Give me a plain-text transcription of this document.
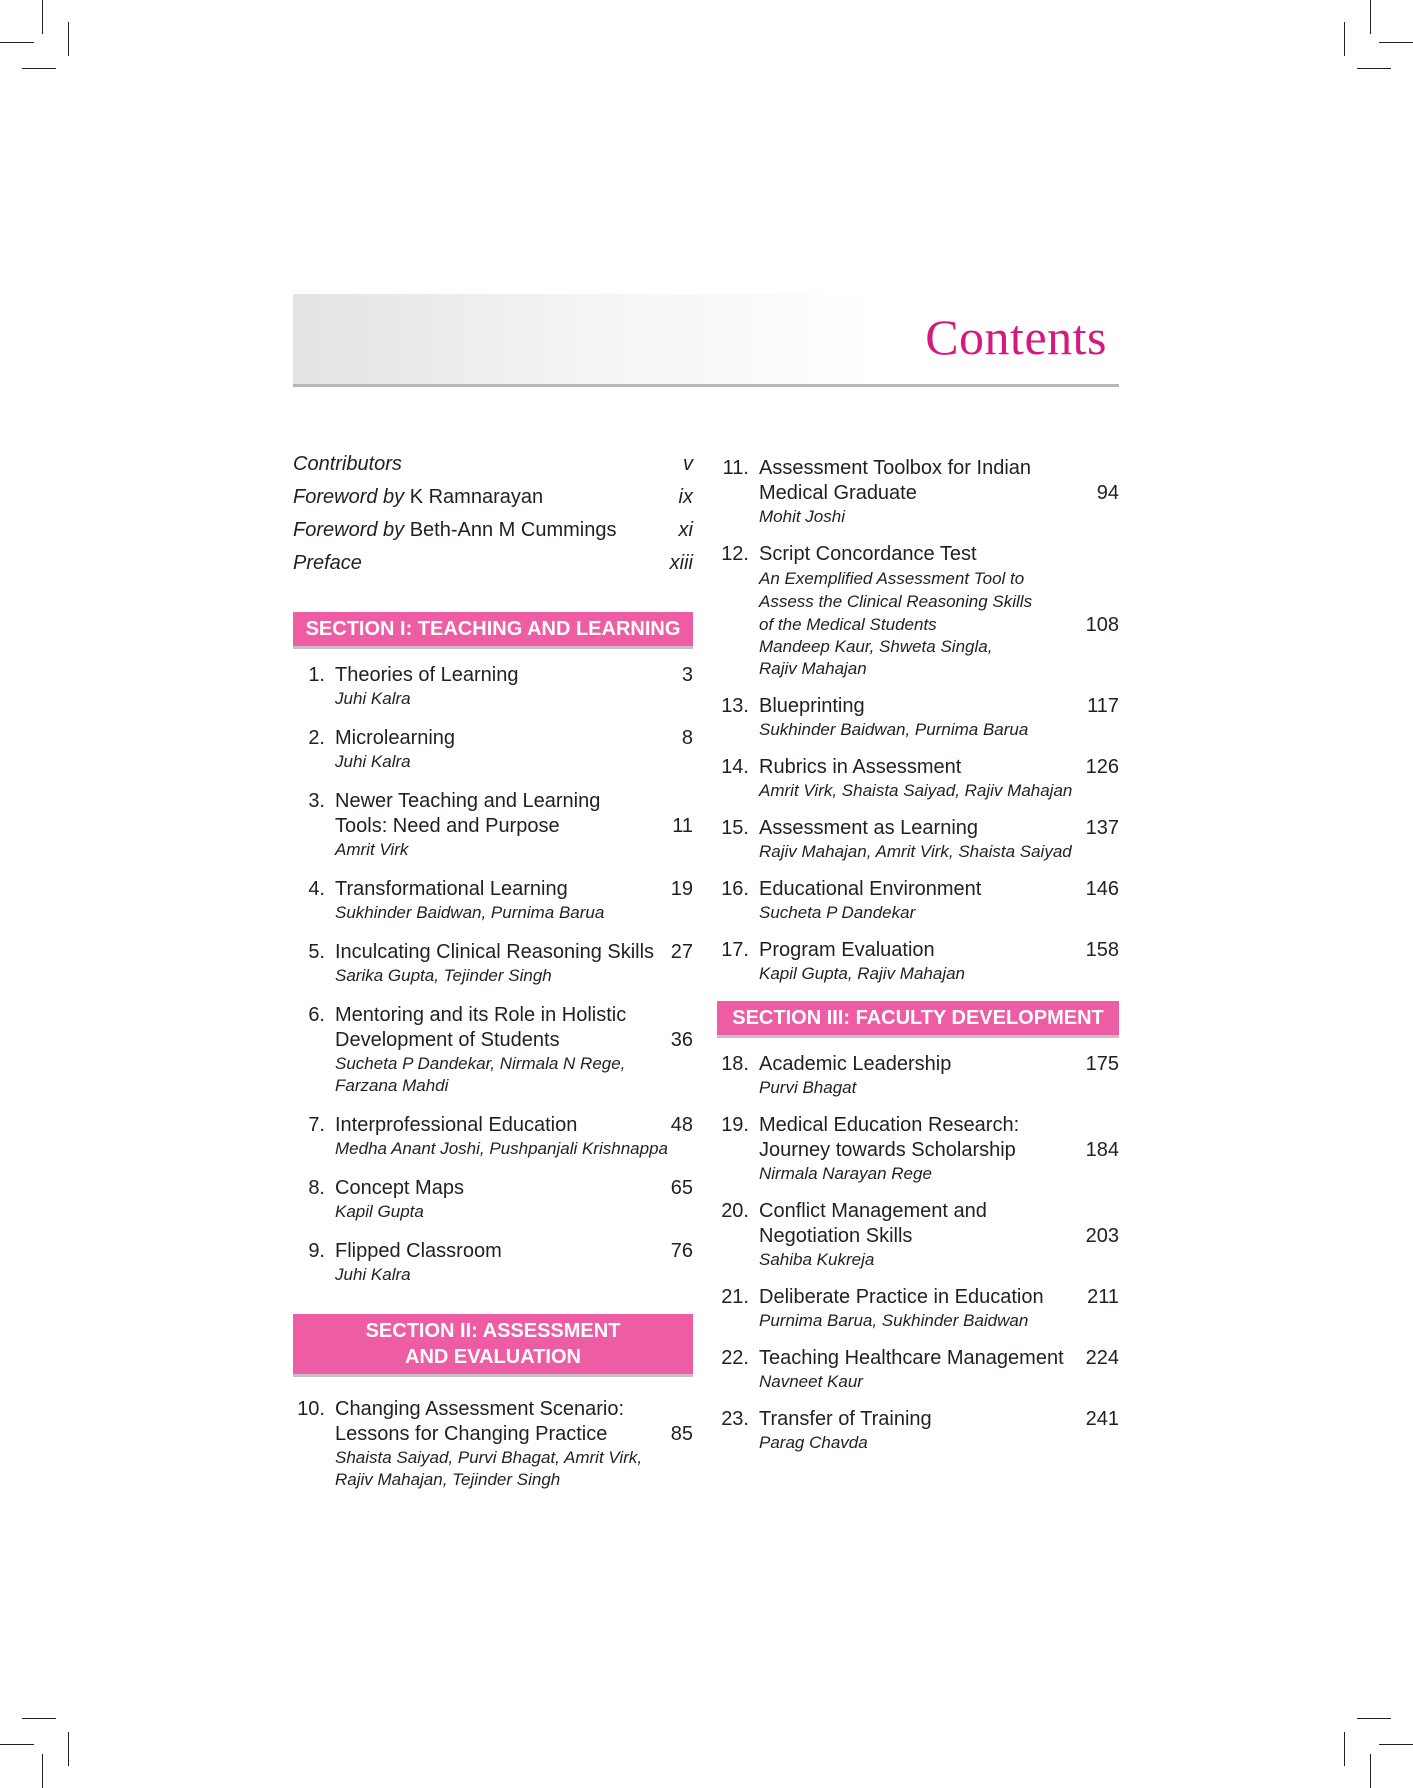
Contents
Contributors	v
Foreword by K Ramnarayan	ix
Foreword by Beth-Ann M Cummings	xi
Preface	xiii
SECTION I: TEACHING AND LEARNING
1. Theories of Learning	3
Juhi Kalra
2. Microlearning	8
Juhi Kalra
3. Newer Teaching and Learning Tools: Need and Purpose	11
Amrit Virk
4. Transformational Learning	19
Sukhinder Baidwan, Purnima Barua
5. Inculcating Clinical Reasoning Skills 27
Sarika Gupta, Tejinder Singh
6. Mentoring and its Role in Holistic Development of Students	36
Sucheta P Dandekar, Nirmala N Rege, Farzana Mahdi
7. Interprofessional Education	48
Medha Anant Joshi, Pushpanjali Krishnappa
8. Concept Maps	65
Kapil Gupta
9. Flipped Classroom	76
Juhi Kalra
SECTION II: ASSESSMENT AND EVALUATION
10. Changing Assessment Scenario: Lessons for Changing Practice	85
Shaista Saiyad, Purvi Bhagat, Amrit Virk, Rajiv Mahajan, Tejinder Singh
11. Assessment Toolbox for Indian Medical Graduate	94
Mohit Joshi
12. Script Concordance Test
An Exemplified Assessment Tool to Assess the Clinical Reasoning Skills of the Medical Students	108
Mandeep Kaur, Shweta Singla, Rajiv Mahajan
13. Blueprinting	117
Sukhinder Baidwan, Purnima Barua
14. Rubrics in Assessment	126
Amrit Virk, Shaista Saiyad, Rajiv Mahajan
15. Assessment as Learning	137
Rajiv Mahajan, Amrit Virk, Shaista Saiyad
16. Educational Environment	146
Sucheta P Dandekar
17. Program Evaluation	158
Kapil Gupta, Rajiv Mahajan
SECTION III: FACULTY DEVELOPMENT
18. Academic Leadership	175
Purvi Bhagat
19. Medical Education Research: Journey towards Scholarship	184
Nirmala Narayan Rege
20. Conflict Management and Negotiation Skills	203
Sahiba Kukreja
21. Deliberate Practice in Education	211
Purnima Barua, Sukhinder Baidwan
22. Teaching Healthcare Management	224
Navneet Kaur
23. Transfer of Training	241
Parag Chavda
